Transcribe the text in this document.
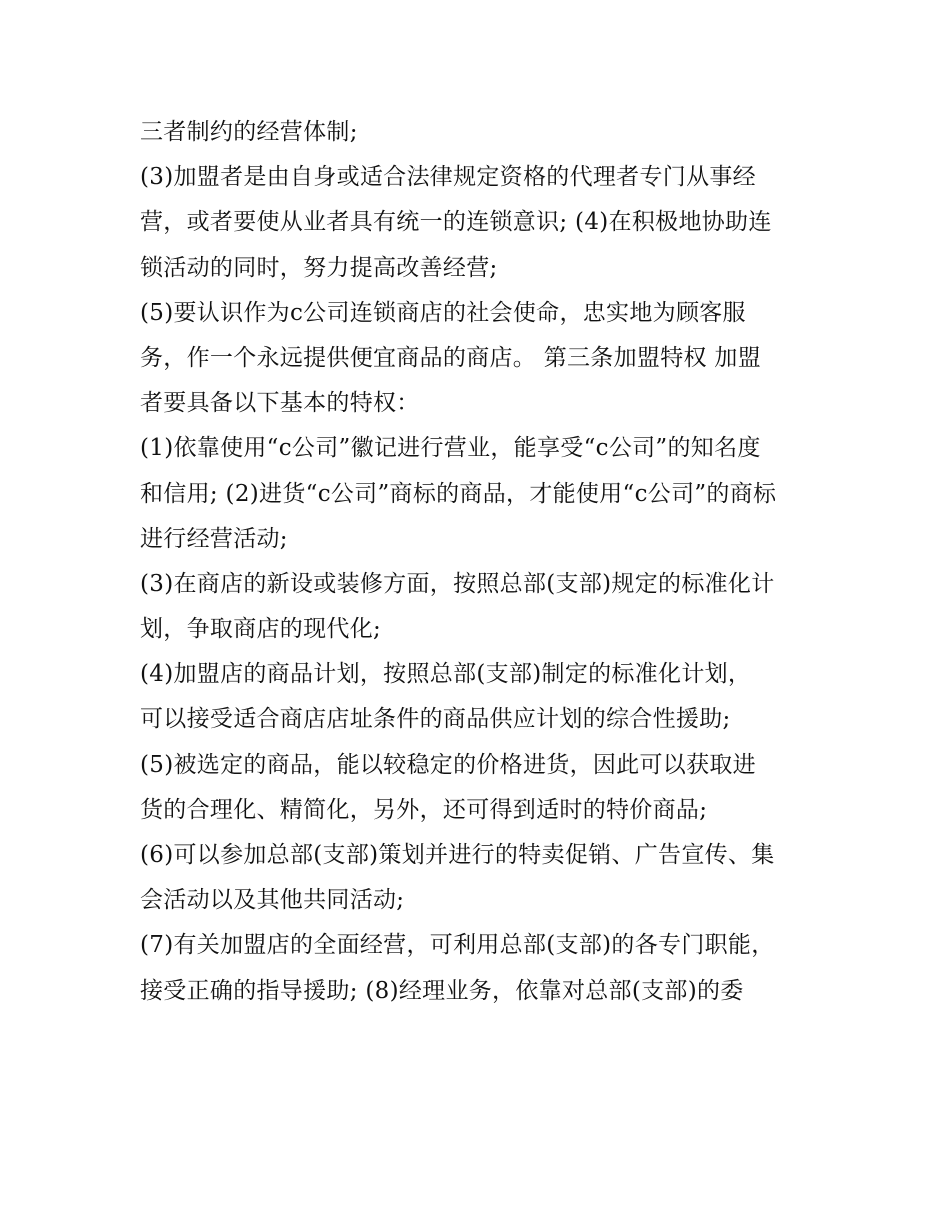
三者制约的经营体制;
(3)加盟者是由自身或适合法律规定资格的代理者专门从事经
营，或者要使从业者具有统一的连锁意识; (4)在积极地协助连
锁活动的同时，努力提高改善经营;
(5)要认识作为c公司连锁商店的社会使命，忠实地为顾客服
务，作一个永远提供便宜商品的商店。 第三条加盟特权 加盟
者要具备以下基本的特权：
(1)依靠使用“c公司”徽记进行营业，能享受“c公司”的知名度
和信用; (2)进货“c公司”商标的商品，才能使用“c公司”的商标
进行经营活动;
(3)在商店的新设或装修方面，按照总部(支部)规定的标准化计
划，争取商店的现代化;
(4)加盟店的商品计划，按照总部(支部)制定的标准化计划，
可以接受适合商店店址条件的商品供应计划的综合性援助;
(5)被选定的商品，能以较稳定的价格进货，因此可以获取进
货的合理化、精简化，另外，还可得到适时的特价商品;
(6)可以参加总部(支部)策划并进行的特卖促销、广告宣传、集
会活动以及其他共同活动;
(7)有关加盟店的全面经营，可利用总部(支部)的各专门职能，
接受正确的指导援助; (8)经理业务，依靠对总部(支部)的委
